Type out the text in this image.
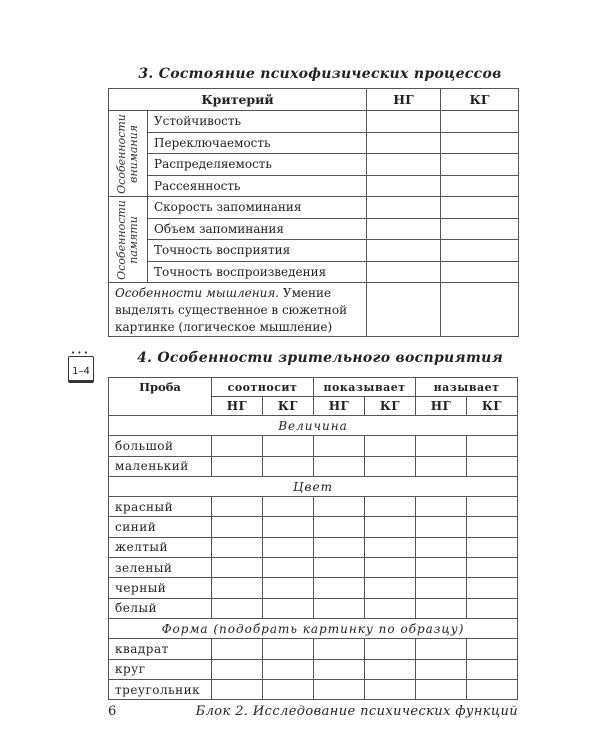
3. Состояние психофизических процессов
Критерий		НГ	КГ

Особенности внимания	Устойчивость		
	Переключаемость		
	Распределяемость		
	Рассеянность		

Особенности памяти	Скорость запоминания		
	Объем запоминания		
	Точность восприятия		
	Точность воспроизведения		
Особенности мышления. Умение выделять существенное в сюжетной картинке (логическое мышление)			
• • • 1–4
4. Особенности зрительного восприятия
Проба	соотносит		показывает		называет	
	НГ	КГ	НГ	КГ	НГ	КГ
Величина						
большой						
маленький						
Цвет						
красный						
синий						
желтый						
зеленый						
черный						
белый						
Форма (подобрать картинку по образцу)						
квадрат						
круг						
треугольник						
6	Блок 2. Исследование психических функций
